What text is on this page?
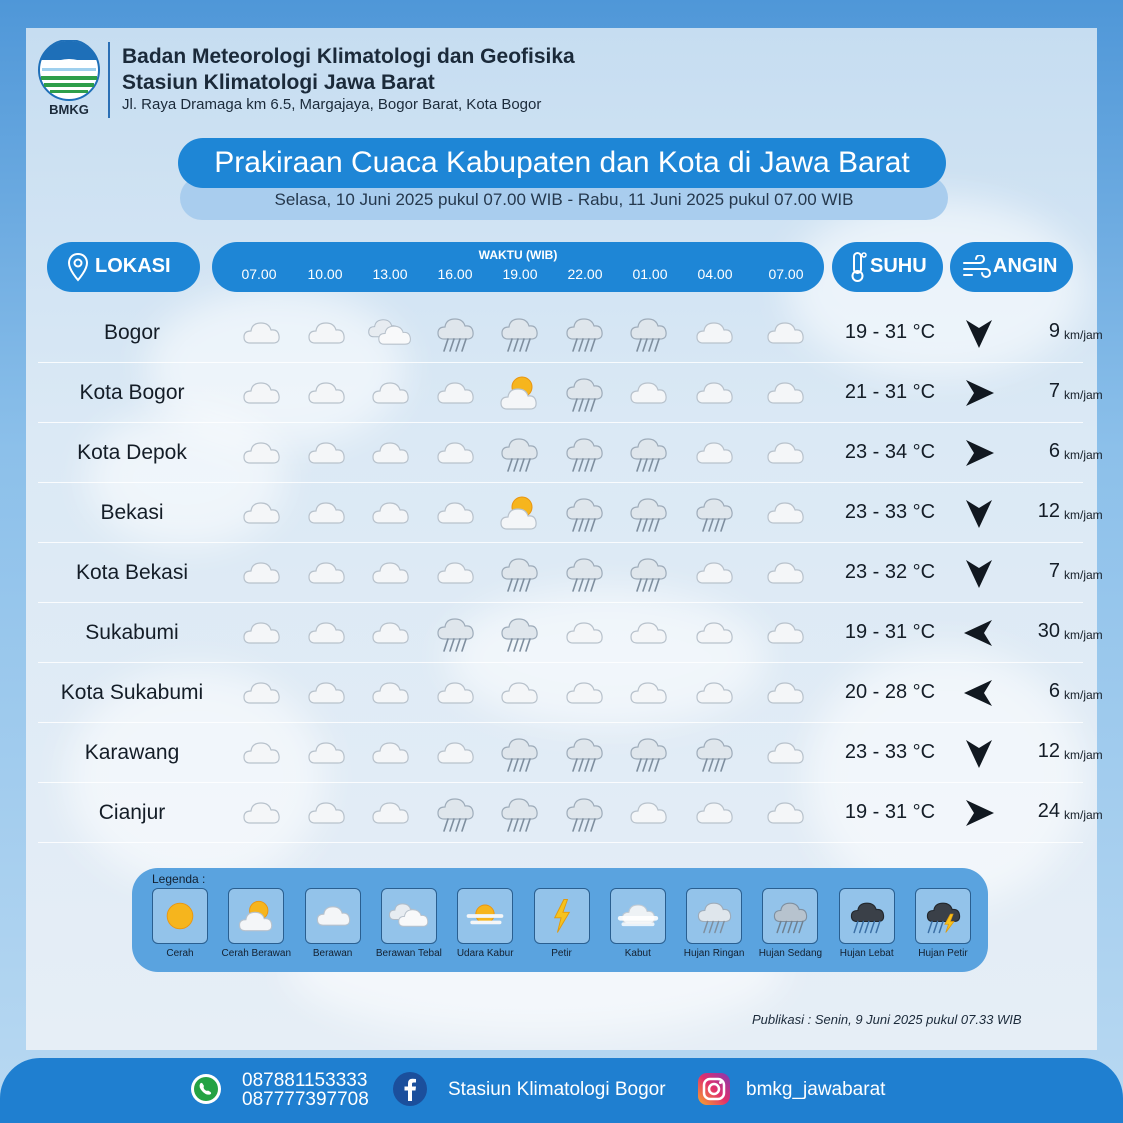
BMKG
Badan Meteorologi Klimatologi dan Geofisika
Stasiun Klimatologi Jawa Barat
Jl. Raya Dramaga km 6.5, Margajaya, Bogor Barat, Kota Bogor
Prakiraan Cuaca Kabupaten dan Kota di Jawa Barat
Selasa, 10 Juni 2025 pukul 07.00 WIB - Rabu, 11 Juni 2025 pukul 07.00 WIB
LOKASI	WAKTU (WIB)
07.00	10.00	13.00	16.00	19.00	22.00	01.00	04.00	07.00	SUHU	ANGIN
Bogor	19 - 31 °C	9 km/jam
Kota Bogor	21 - 31 °C	7 km/jam
Kota Depok	23 - 34 °C	6 km/jam
Bekasi	23 - 33 °C	12 km/jam
Kota Bekasi	23 - 32 °C	7 km/jam
Sukabumi	19 - 31 °C	30 km/jam
Kota Sukabumi	20 - 28 °C	6 km/jam
Karawang	23 - 33 °C	12 km/jam
Cianjur	19 - 31 °C	24 km/jam
Legenda :
Cerah	Cerah Berawan	Berawan	Berawan Tebal	Udara Kabur	Petir	Kabut	Hujan Ringan	Hujan Sedang	Hujan Lebat	Hujan Petir
Publikasi : Senin, 9 Juni 2025 pukul 07.33 WIB
087881153333
087777397708	Stasiun Klimatologi Bogor	bmkg_jawabarat
